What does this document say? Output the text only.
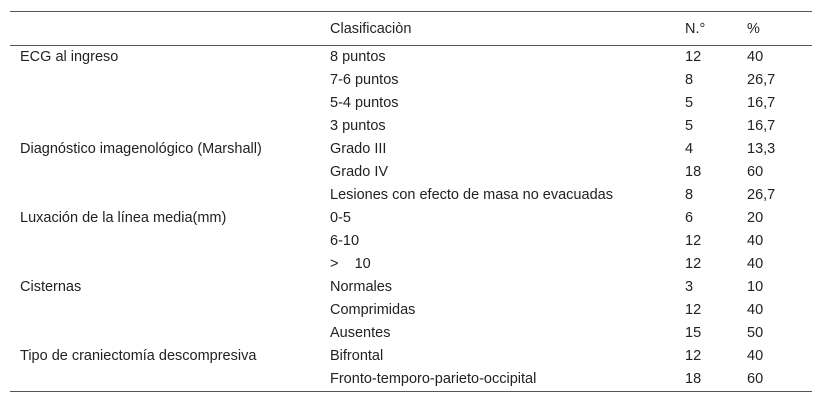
	Clasificaciòn	N.°	%
ECG al ingreso	8 puntos	12	40
	7-6 puntos	8	26,7
	5-4 puntos	5	16,7
	3 puntos	5	16,7
Diagnóstico imagenológico (Marshall)	Grado III	4	13,3
	Grado IV	18	60
	Lesiones con efecto de masa no evacuadas	8	26,7
Luxación de la línea media(mm)	0-5	6	20
	6-10	12	40
	>    10	12	40
Cisternas	Normales	3	10
	Comprimidas	12	40
	Ausentes	15	50
Tipo de craniectomía descompresiva	Bifrontal	12	40
	Fronto-temporo-parieto-occipital	18	60
